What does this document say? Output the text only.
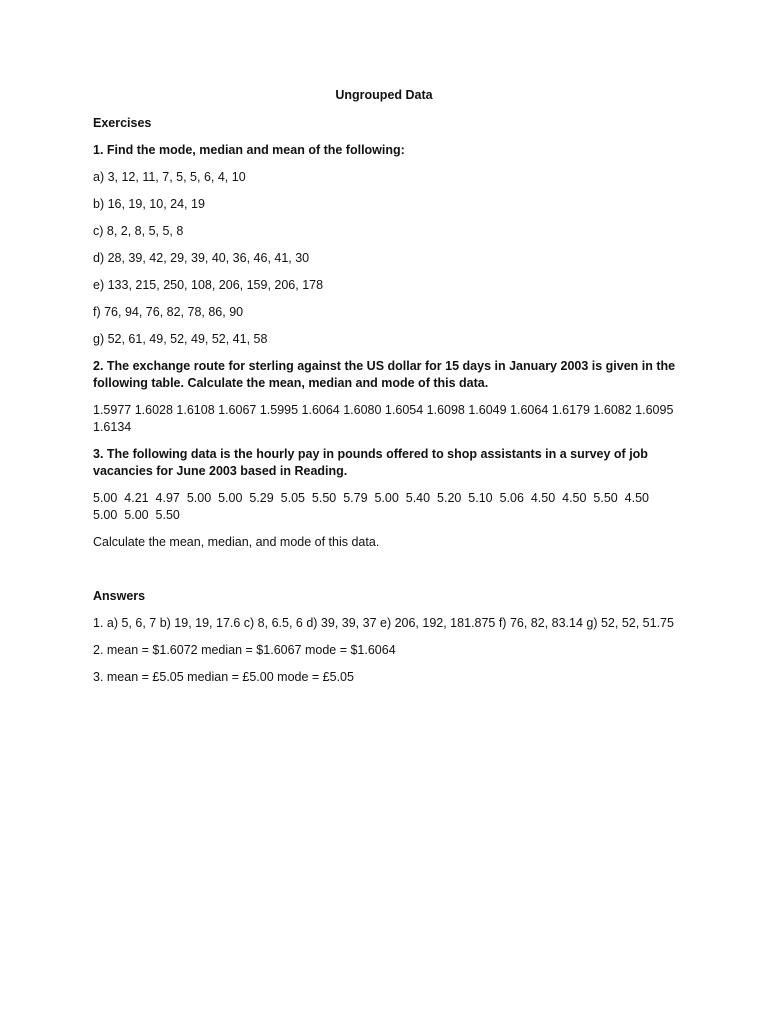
Ungrouped Data

Exercises

1. Find the mode, median and mean of the following:

a) 3, 12, 11, 7, 5, 5, 6, 4, 10

b) 16, 19, 10, 24, 19

c) 8, 2, 8, 5, 5, 8

d) 28, 39, 42, 29, 39, 40, 36, 46, 41, 30

e) 133, 215, 250, 108, 206, 159, 206, 178

f) 76, 94, 76, 82, 78, 86, 90

g) 52, 61, 49, 52, 49, 52, 41, 58

2. The exchange route for sterling against the US dollar for 15 days in January 2003 is given in the following table. Calculate the mean, median and mode of this data.

1.5977 1.6028 1.6108 1.6067 1.5995 1.6064 1.6080 1.6054 1.6098 1.6049 1.6064 1.6179 1.6082 1.6095 1.6134

3. The following data is the hourly pay in pounds offered to shop assistants in a survey of job vacancies for June 2003 based in Reading.

5.00  4.21  4.97  5.00  5.00  5.29  5.05  5.50  5.79  5.00  5.40  5.20  5.10  5.06  4.50  4.50  5.50  4.50  5.00  5.00  5.50

Calculate the mean, median, and mode of this data.

Answers

1. a) 5, 6, 7 b) 19, 19, 17.6 c) 8, 6.5, 6 d) 39, 39, 37 e) 206, 192, 181.875 f) 76, 82, 83.14 g) 52, 52, 51.75

2. mean = $1.6072 median = $1.6067 mode = $1.6064

3. mean = £5.05 median = £5.00 mode = £5.05
